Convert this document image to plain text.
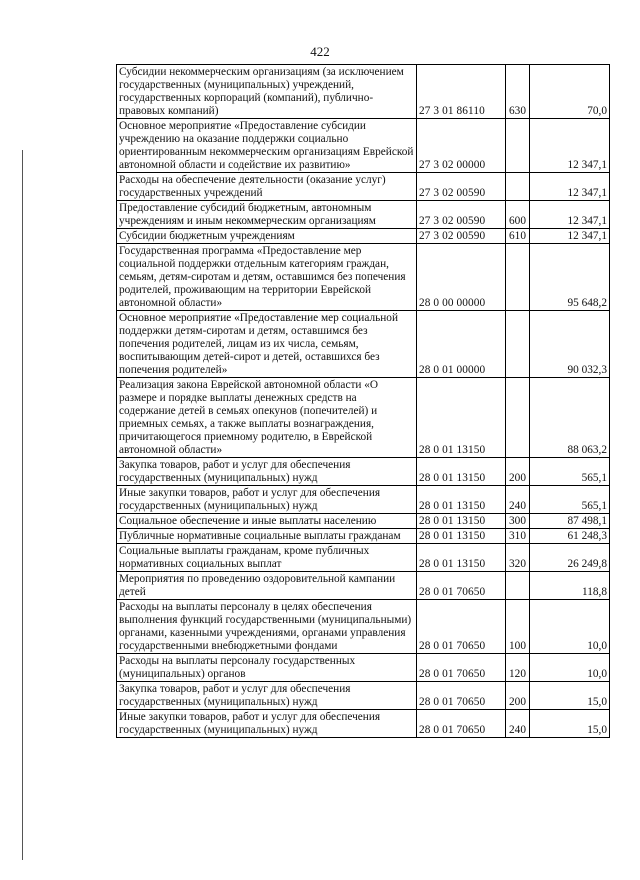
422
Субсидии некоммерческим организациям (за исключением государственных (муниципальных) учреждений, государственных корпораций (компаний), публично-правовых компаний)	27 3 01 86110	630	70,0
Основное мероприятие «Предоставление субсидии учреждению на оказание поддержки социально ориентированным некоммерческим организациям Еврейской автономной области и содействие их развитию»	27 3 02 00000		12 347,1
Расходы на обеспечение деятельности (оказание услуг) государственных учреждений	27 3 02 00590		12 347,1
Предоставление субсидий бюджетным, автономным учреждениям и иным некоммерческим организациям	27 3 02 00590	600	12 347,1
Субсидии бюджетным учреждениям	27 3 02 00590	610	12 347,1
Государственная программа «Предоставление мер социальной поддержки отдельным категориям граждан, семьям, детям-сиротам и детям, оставшимся без попечения родителей, проживающим на территории Еврейской автономной области»	28 0 00 00000		95 648,2
Основное мероприятие «Предоставление мер социальной поддержки детям-сиротам и детям, оставшимся без попечения родителей, лицам из их числа, семьям, воспитывающим детей-сирот и детей, оставшихся без попечения родителей»	28 0 01 00000		90 032,3
Реализация закона Еврейской автономной области «О размере и порядке выплаты денежных средств на содержание детей в семьях опекунов (попечителей) и приемных семьях, а также выплаты вознаграждения, причитающегося приемному родителю, в Еврейской автономной области»	28 0 01 13150		88 063,2
Закупка товаров, работ и услуг для обеспечения государственных (муниципальных) нужд	28 0 01 13150	200	565,1
Иные закупки товаров, работ и услуг для обеспечения государственных (муниципальных) нужд	28 0 01 13150	240	565,1
Социальное обеспечение и иные выплаты населению	28 0 01 13150	300	87 498,1
Публичные нормативные социальные выплаты гражданам	28 0 01 13150	310	61 248,3
Социальные выплаты гражданам, кроме публичных нормативных социальных выплат	28 0 01 13150	320	26 249,8
Мероприятия по проведению оздоровительной кампании детей	28 0 01 70650		118,8
Расходы на выплаты персоналу в целях обеспечения выполнения функций государственными (муниципальными) органами, казенными учреждениями, органами управления государственными внебюджетными фондами	28 0 01 70650	100	10,0
Расходы на выплаты персоналу государственных (муниципальных) органов	28 0 01 70650	120	10,0
Закупка товаров, работ и услуг для обеспечения государственных (муниципальных) нужд	28 0 01 70650	200	15,0
Иные закупки товаров, работ и услуг для обеспечения государственных (муниципальных) нужд	28 0 01 70650	240	15,0
